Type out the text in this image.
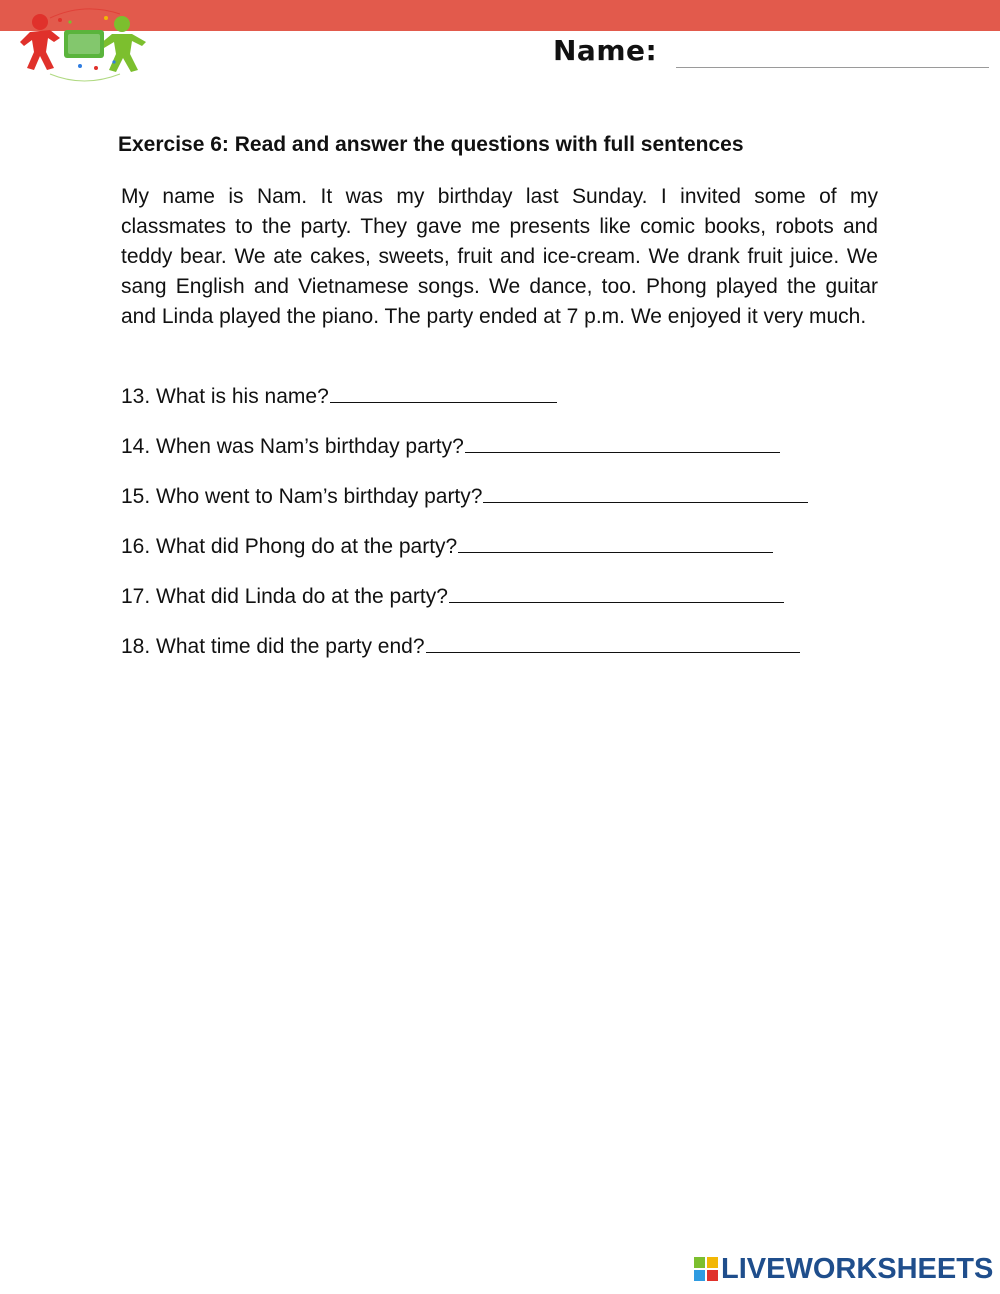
Name:
Exercise 6: Read and answer the questions with full sentences
My name is Nam. It was my birthday last Sunday. I invited some of my classmates to the party. They gave me presents like comic books, robots and teddy bear. We ate cakes, sweets, fruit and ice-cream. We drank fruit juice. We sang English and Vietnamese songs. We dance, too. Phong played the guitar and Linda played the piano. The party ended at 7 p.m. We enjoyed it very much.
13. What is his name?
14. When was Nam’s birthday party?
15. Who went to Nam’s birthday party?
16. What did Phong do at the party?
17. What did Linda do at the party?
18. What time did the party end?
LIVEWORKSHEETS
